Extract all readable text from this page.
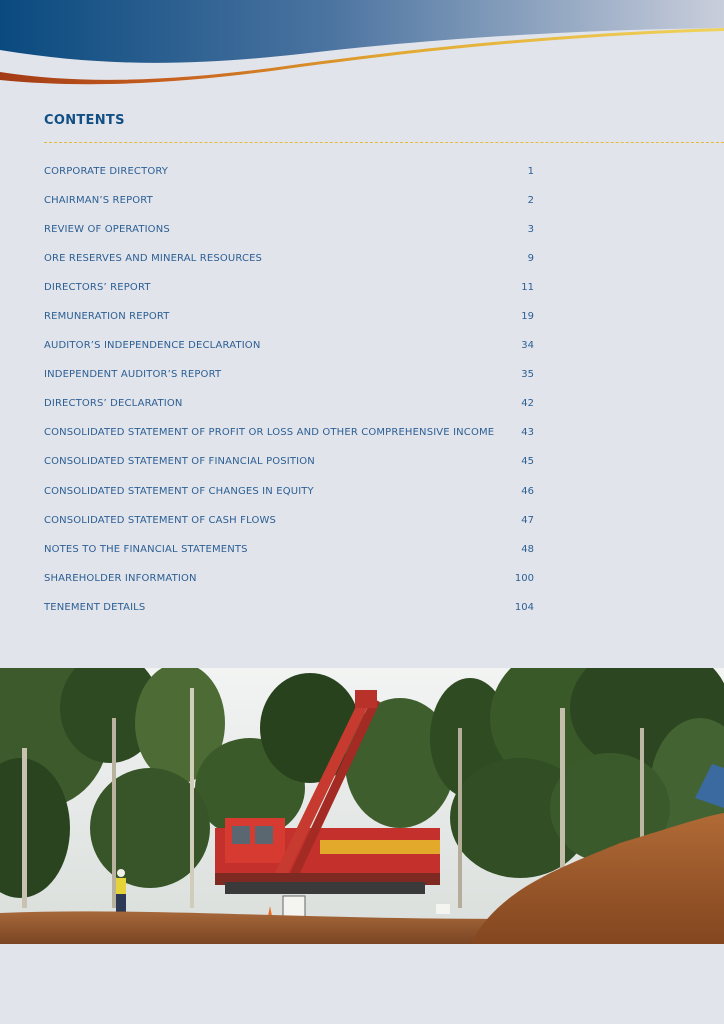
CONTENTS
CORPORATE DIRECTORY	1
CHAIRMAN’S REPORT	2
REVIEW OF OPERATIONS	3
ORE RESERVES AND MINERAL RESOURCES	9
DIRECTORS’ REPORT	11
REMUNERATION REPORT	19
AUDITOR’S INDEPENDENCE DECLARATION	34
INDEPENDENT AUDITOR’S REPORT	35
DIRECTORS’ DECLARATION	42
CONSOLIDATED STATEMENT OF PROFIT OR LOSS AND OTHER COMPREHENSIVE INCOME	43
CONSOLIDATED STATEMENT OF FINANCIAL POSITION	45
CONSOLIDATED STATEMENT OF CHANGES IN EQUITY	46
CONSOLIDATED STATEMENT OF CASH FLOWS	47
NOTES TO THE FINANCIAL STATEMENTS	48
SHAREHOLDER INFORMATION	100
TENEMENT DETAILS	104
